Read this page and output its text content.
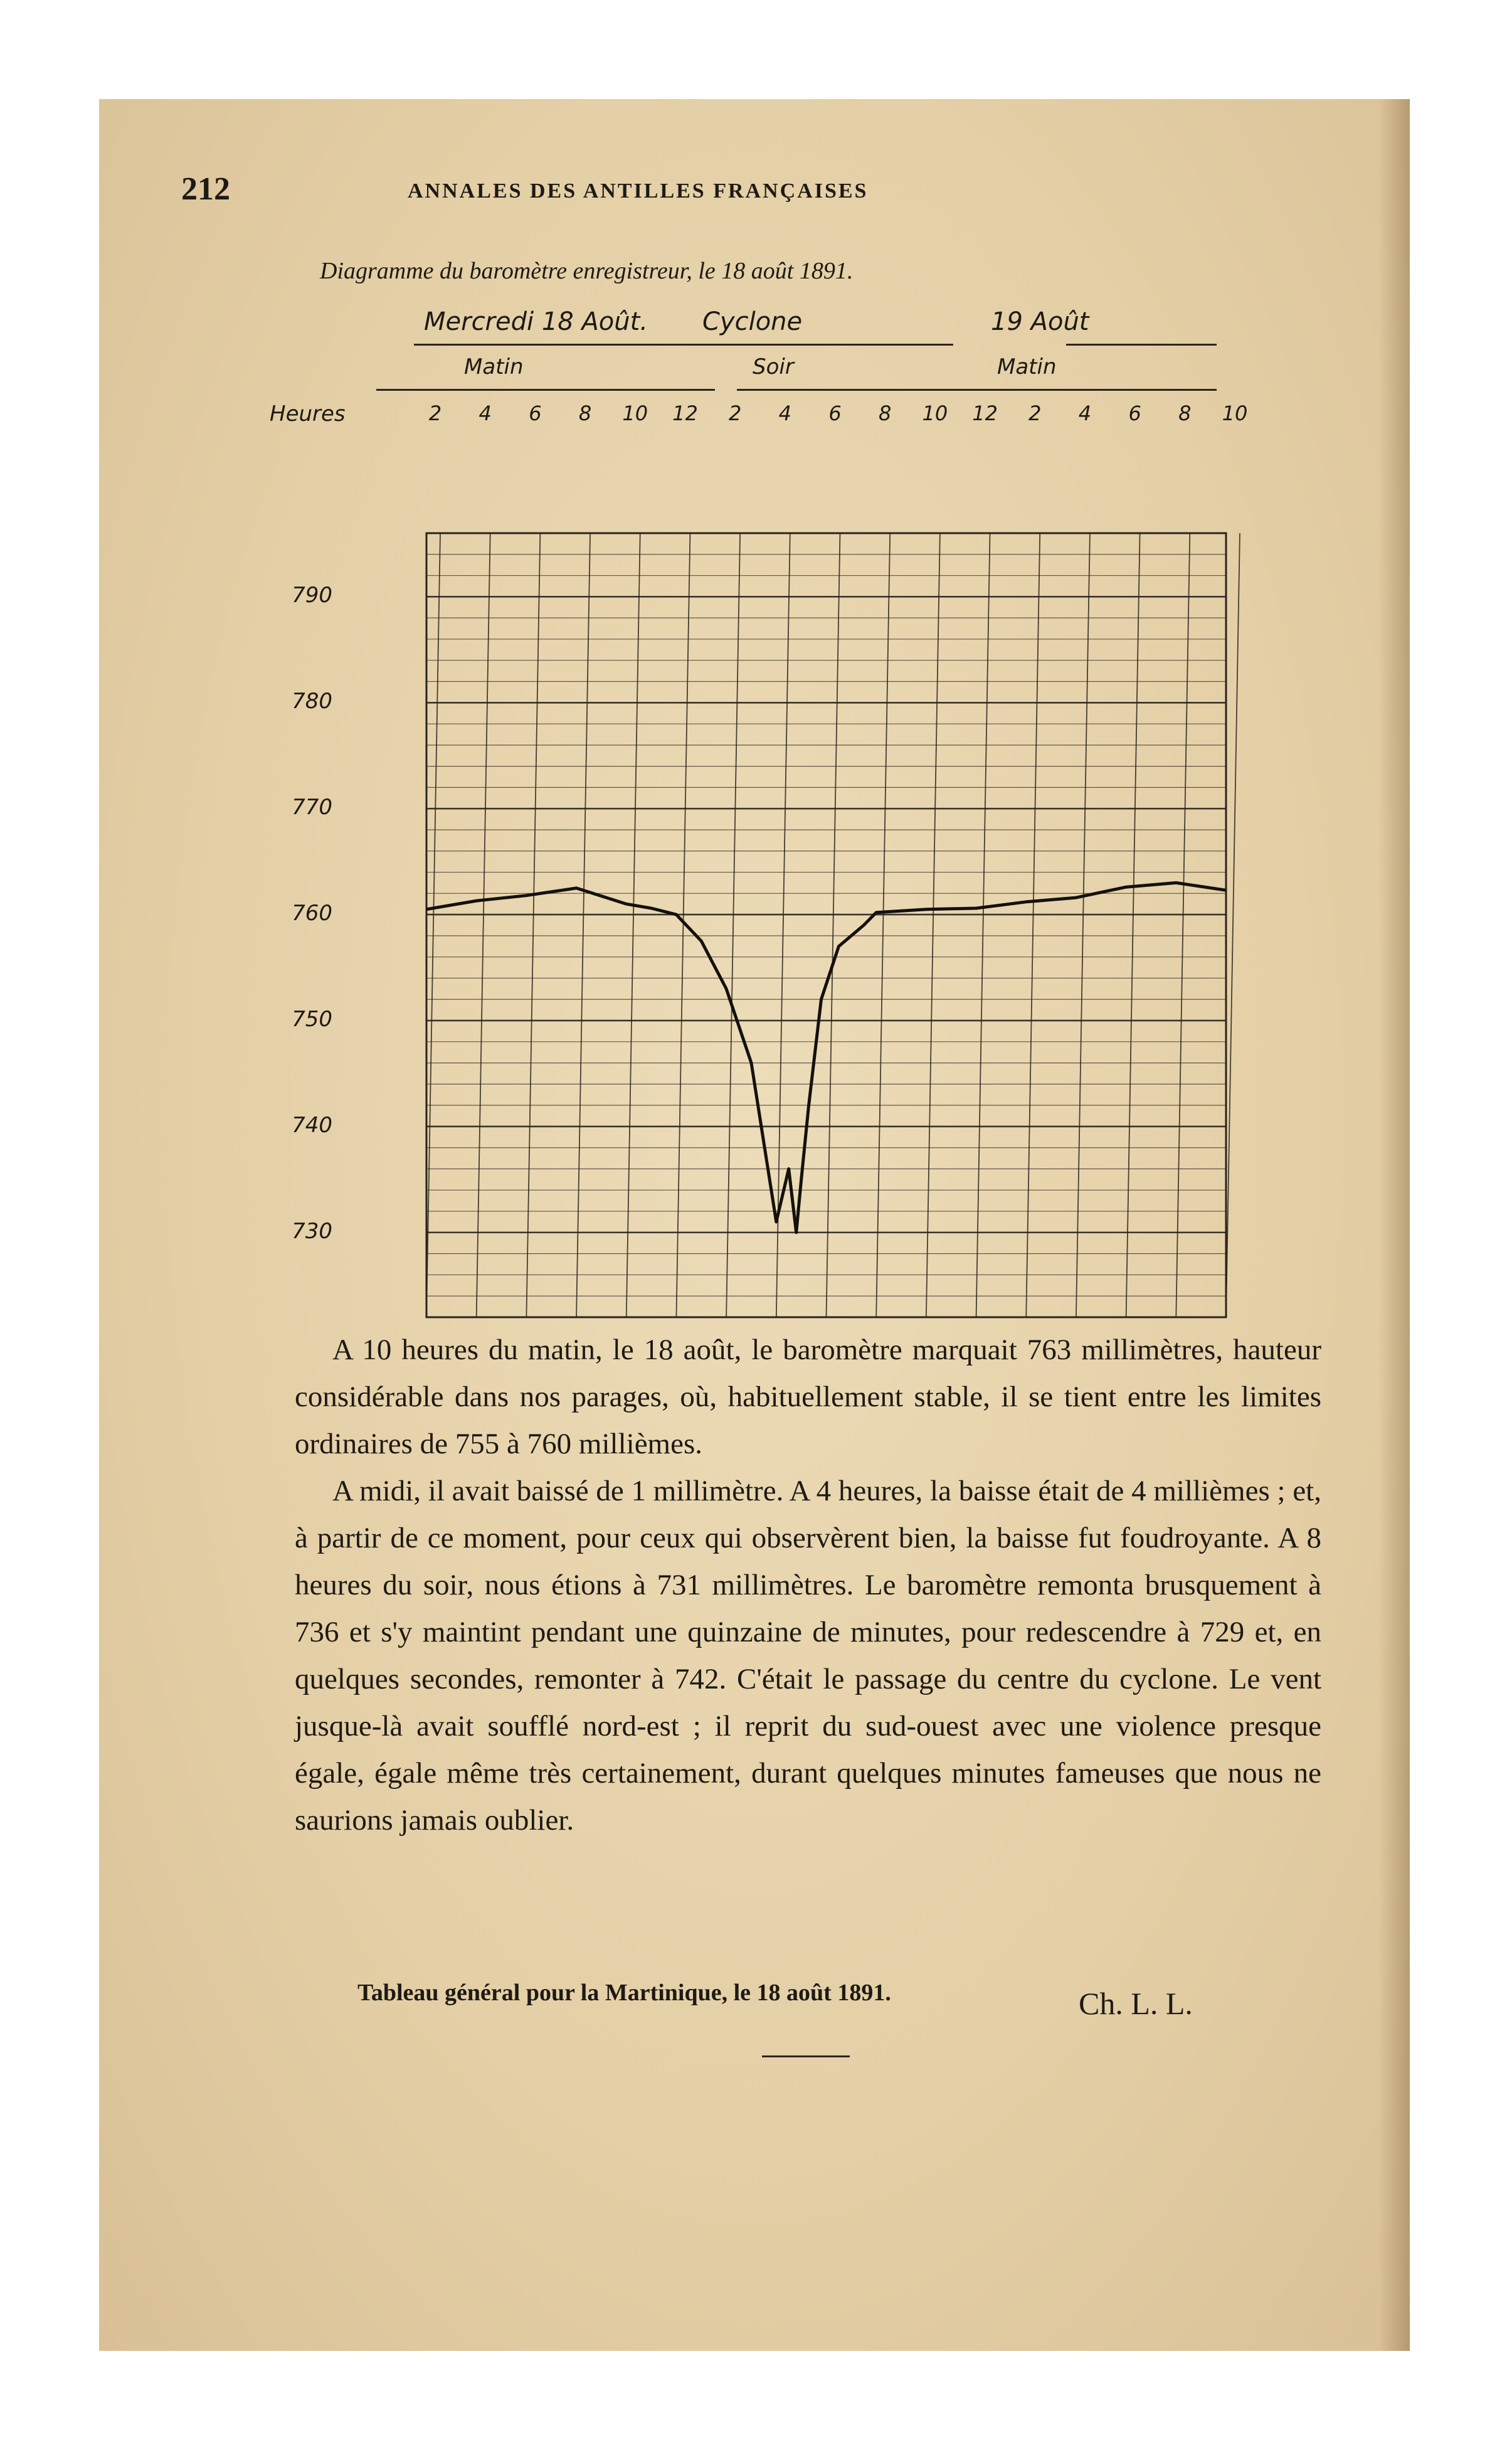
212	ANNALES DES ANTILLES FRANÇAISES
Diagramme du baromètre enregistreur, le 18 août 1891.
Mercredi 18 Août. Cyclone	19 Août
Matin	Soir	Matin
Heures	2	4	6	8	10	12	2	4	6	8	10	12	2	4	6	8	10
790
780
770
760
750
740
730

A 10 heures du matin, le 18 août, le baromètre marquait 763 millimètres, hauteur considérable dans nos parages, où, habituellement stable, il se tient entre les limites ordinaires de 755 à 760 millièmes.

A midi, il avait baissé de 1 millimètre. A 4 heures, la baisse était de 4 millièmes ; et, à partir de ce moment, pour ceux qui observèrent bien, la baisse fut foudroyante. A 8 heures du soir, nous étions à 731 millimètres. Le baromètre remonta brusquement à 736 et s'y maintint pendant une quinzaine de minutes, pour redescendre à 729 et, en quelques secondes, remonter à 742. C'était le passage du centre du cyclone. Le vent jusque-là avait soufflé nord-est ; il reprit du sud-ouest avec une violence presque égale, égale même très certainement, durant quelques minutes fameuses que nous ne saurions jamais oublier.

Tableau général pour la Martinique, le 18 août 1891.	Ch. L. L.
